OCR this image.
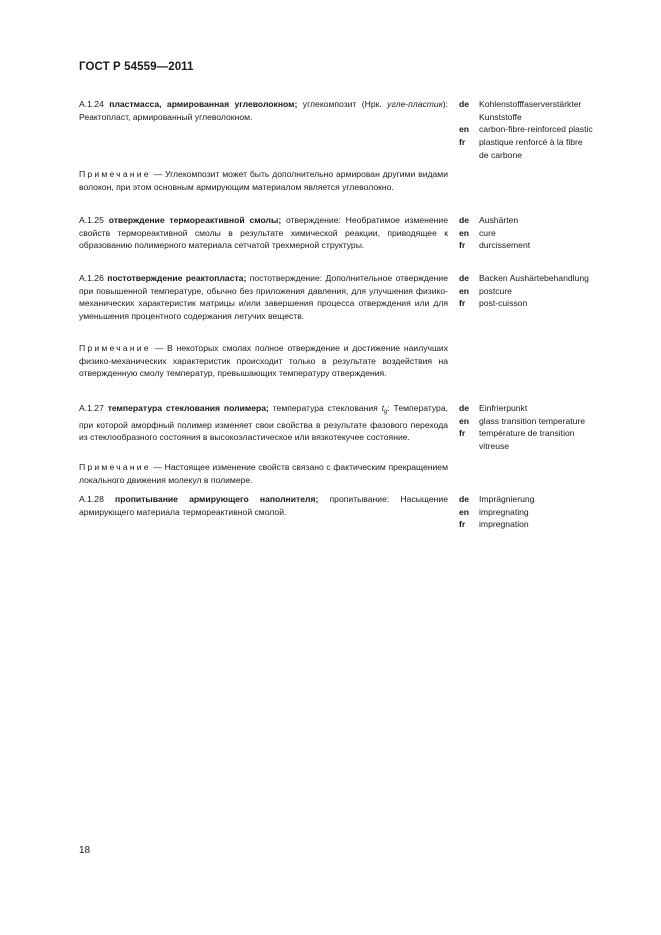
ГОСТ Р 54559—2011
А.1.24 пластмасса, армированная углеволокном; углекомпозит (Нрк. угле-пластик): Реактопласт, армированный углеволокном.
de	Kohlenstofffaserverstärkter
Kunststoffe
en	carbon-fibre-reinforced plastic
fr	plastique renforcé à la fibre
de carbone
Примечание — Углекомпозит может быть дополнительно армирован другими видами волокон, при этом основным армирующим материалом является углеволокно.
А.1.25 отверждение термореактивной смолы; отверждение: Необратимое изменение свойств термореактивной смолы в результате химической реакции, приводящее к образованию полимерного материала сетчатой трехмерной структуры.
de	Aushärten
en	cure
fr	durcissement
А.1.26 постотверждение реактопласта; постотверждение: Дополнительное отверждение при повышенной температуре, обычно без приложения давления, для улучшения физико-механических характеристик матрицы и/или завершения процесса отверждения или для уменьшения процентного содержания летучих веществ.
de	Backen Aushärtebehandlung
en	postcure
fr	post-cuisson
Примечание — В некоторых смолах полное отверждение и достижение наилучших физико-механических характеристик происходит только в результате воздействия на отвержденную смолу температур, превышающих температуру отверждения.
А.1.27 температура стеклования полимера; температура стеклования $t_g$: Температура, при которой аморфный полимер изменяет свои свойства в результате фазового перехода из стеклообразного состояния в высокоэластическое или вязкотекучее состояние.
de	Einfrierpunkt
en	glass transition temperature
fr	température de transition
vitreuse
Примечание — Настоящее изменение свойств связано с фактическим прекращением локального движения молекул в полимере.
А.1.28 пропитывание армирующего наполнителя; пропитывание: Насыщение армирующего материала термореактивной смолой.
de	Imprägnierung
en	impregnating
fr	impregnation
18
